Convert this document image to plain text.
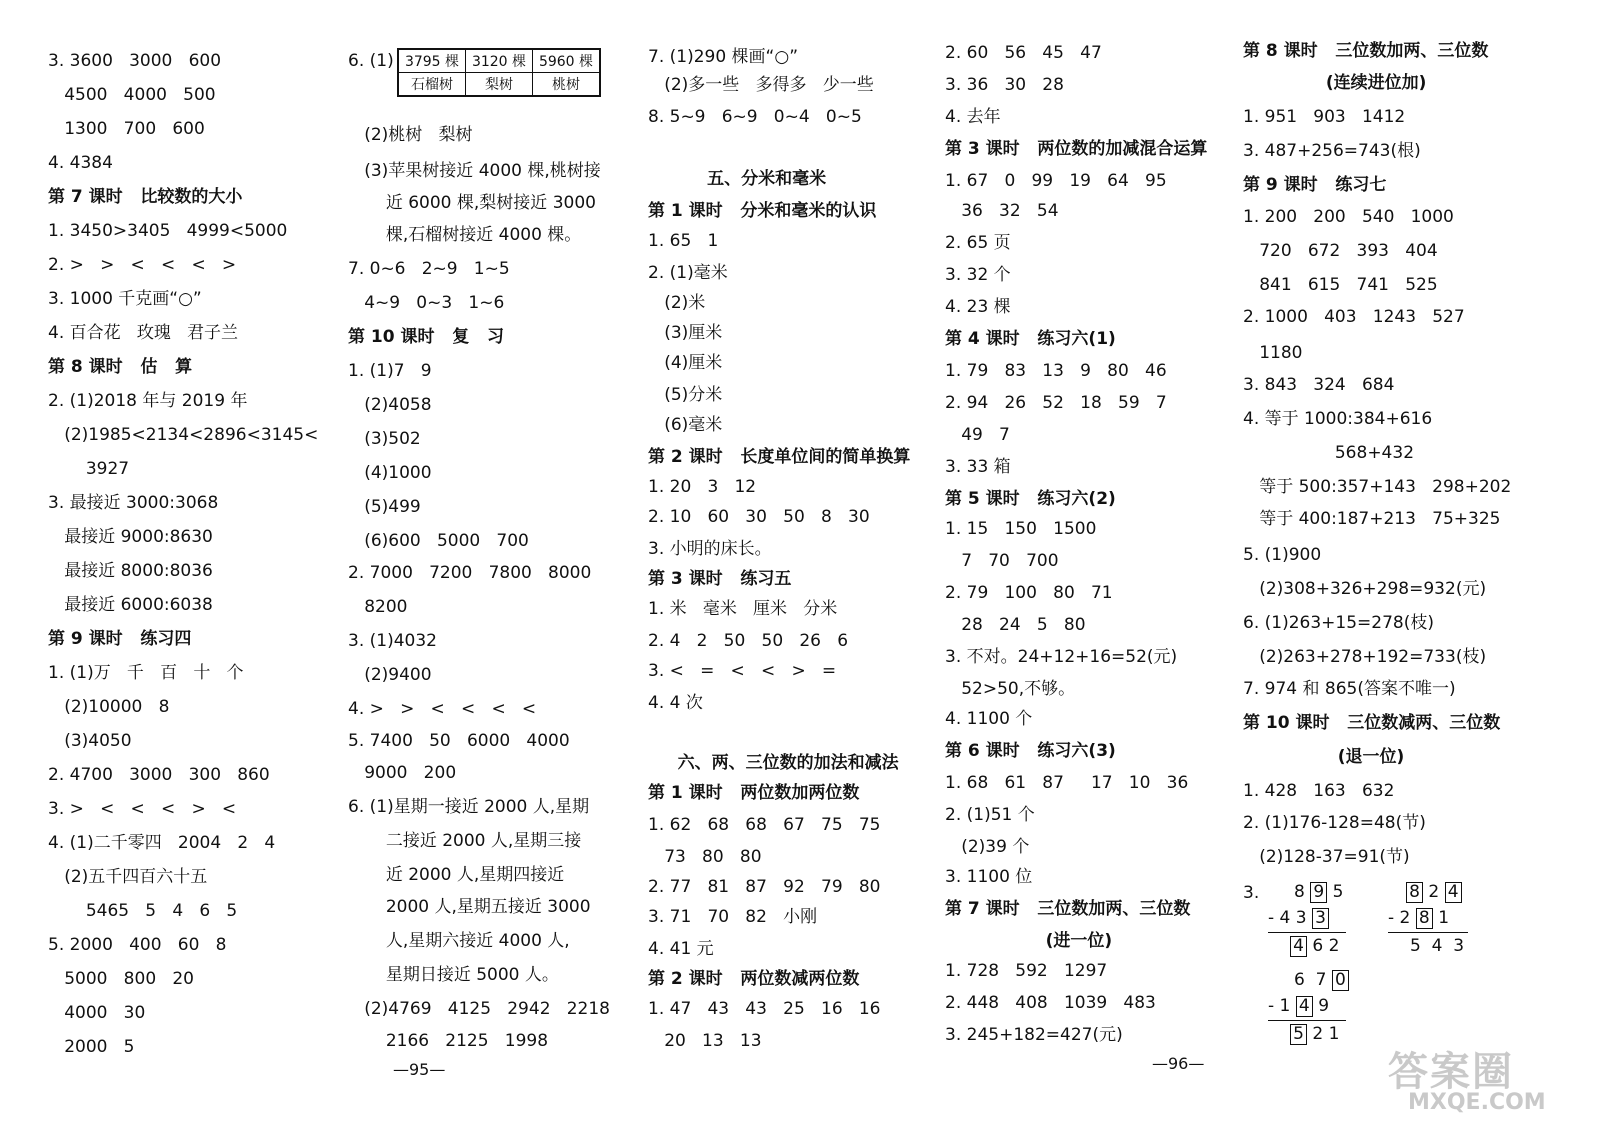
3. 3600   3000   600
4500   4000   500
1300   700   600
4. 4384
第 7 课时   比较数的大小
1. 3450>3405   4999<5000
2. >   >   <   <   <   >
3. 1000 千克画“○”
4. 百合花   玫瑰   君子兰
第 8 课时   估   算
2. (1)2018 年与 2019 年
(2)1985<2134<2896<3145<
3927
3. 最接近 3000:3068
最接近 9000:8630
最接近 8000:8036
最接近 6000:6038
第 9 课时   练习四
1. (1)万   千   百   十   个
(2)10000   8
(3)4050
2. 4700   3000   300   860
3. >   <   <   <   >   <
4. (1)二千零四   2004   2   4
(2)五千四百六十五
5465   5   4   6   5
5. 2000   400   60   8
5000   800   20
4000   30
2000   5
6. (1)
(2)桃树   梨树
(3)苹果树接近 4000 棵,桃树接
近 6000 棵,梨树接近 3000
棵,石榴树接近 4000 棵。
7. 0~6   2~9   1~5
4~9   0~3   1~6
第 10 课时   复   习
1. (1)7   9
(2)4058
(3)502
(4)1000
(5)499
(6)600   5000   700
2. 7000   7200   7800   8000
8200
3. (1)4032
(2)9400
4. >   >   <   <   <   <
5. 7400   50   6000   4000
9000   200
6. (1)星期一接近 2000 人,星期
二接近 2000 人,星期三接
近 2000 人,星期四接近
2000 人,星期五接近 3000
人,星期六接近 4000 人,
星期日接近 5000 人。
(2)4769   4125   2942   2218
2166   2125   1998
7. (1)290 棵画“○”
(2)多一些   多得多   少一些
8. 5~9   6~9   0~4   0~5
五、分米和毫米
第 1 课时   分米和毫米的认识
1. 65   1
2. (1)毫米
(2)米
(3)厘米
(4)厘米
(5)分米
(6)毫米
第 2 课时   长度单位间的简单换算
1. 20   3   12
2. 10   60   30   50   8   30
3. 小明的床长。
第 3 课时   练习五
1. 米   毫米   厘米   分米
2. 4   2   50   50   26   6
3. <   =   <   <   >   =
4. 4 次
六、两、三位数的加法和减法
第 1 课时   两位数加两位数
1. 62   68   68   67   75   75
73   80   80
2. 77   81   87   92   79   80
3. 71   70   82   小刚
4. 41 元
第 2 课时   两位数减两位数
1. 47   43   43   25   16   16
20   13   13
2. 60   56   45   47
3. 36   30   28
4. 去年
第 3 课时   两位数的加减混合运算
1. 67   0   99   19   64   95
36   32   54
2. 65 页
3. 32 个
4. 23 棵
第 4 课时   练习六(1)
1. 79   83   13   9   80   46
2. 94   26   52   18   59   7
49   7
3. 33 箱
第 5 课时   练习六(2)
1. 15   150   1500
7   70   700
2. 79   100   80   71
28   24   5   80
3. 不对。24+12+16=52(元)
52>50,不够。
4. 1100 个
第 6 课时   练习六(3)
1. 68   61   87     17   10   36
2. (1)51 个
(2)39 个
3. 1100 位
第 7 课时   三位数加两、三位数
(进一位)
1. 728   592   1297
2. 448   408   1039   483
3. 245+182=427(元)
第 8 课时   三位数加两、三位数
(连续进位加)
1. 951   903   1412
3. 487+256=743(根)
第 9 课时   练习七
1. 200   200   540   1000
720   672   393   404
841   615   741   525
2. 1000   403   1243   527
1180
3. 843   324   684
4. 等于 1000:384+616
568+432
等于 500:357+143   298+202
等于 400:187+213   75+325
5. (1)900
(2)308+326+298=932(元)
6. (1)263+15=278(枝)
(2)263+278+192=733(枝)
7. 974 和 865(答案不唯一)
第 10 课时   三位数减两、三位数
(退一位)
1. 428   163   632
2. (1)176-128=48(节)
(2)128-37=91(节)
3.
3795 棵	3120 棵	5960 棵
石榴树	梨树	桃树
8 9 5
- 4 3 3
4 6 2
8 2 4
- 2 8 1
5 4 3
6 7 0
- 1 4 9
5 2 1
—95—	—96—	答案圈
MXQE.COM
